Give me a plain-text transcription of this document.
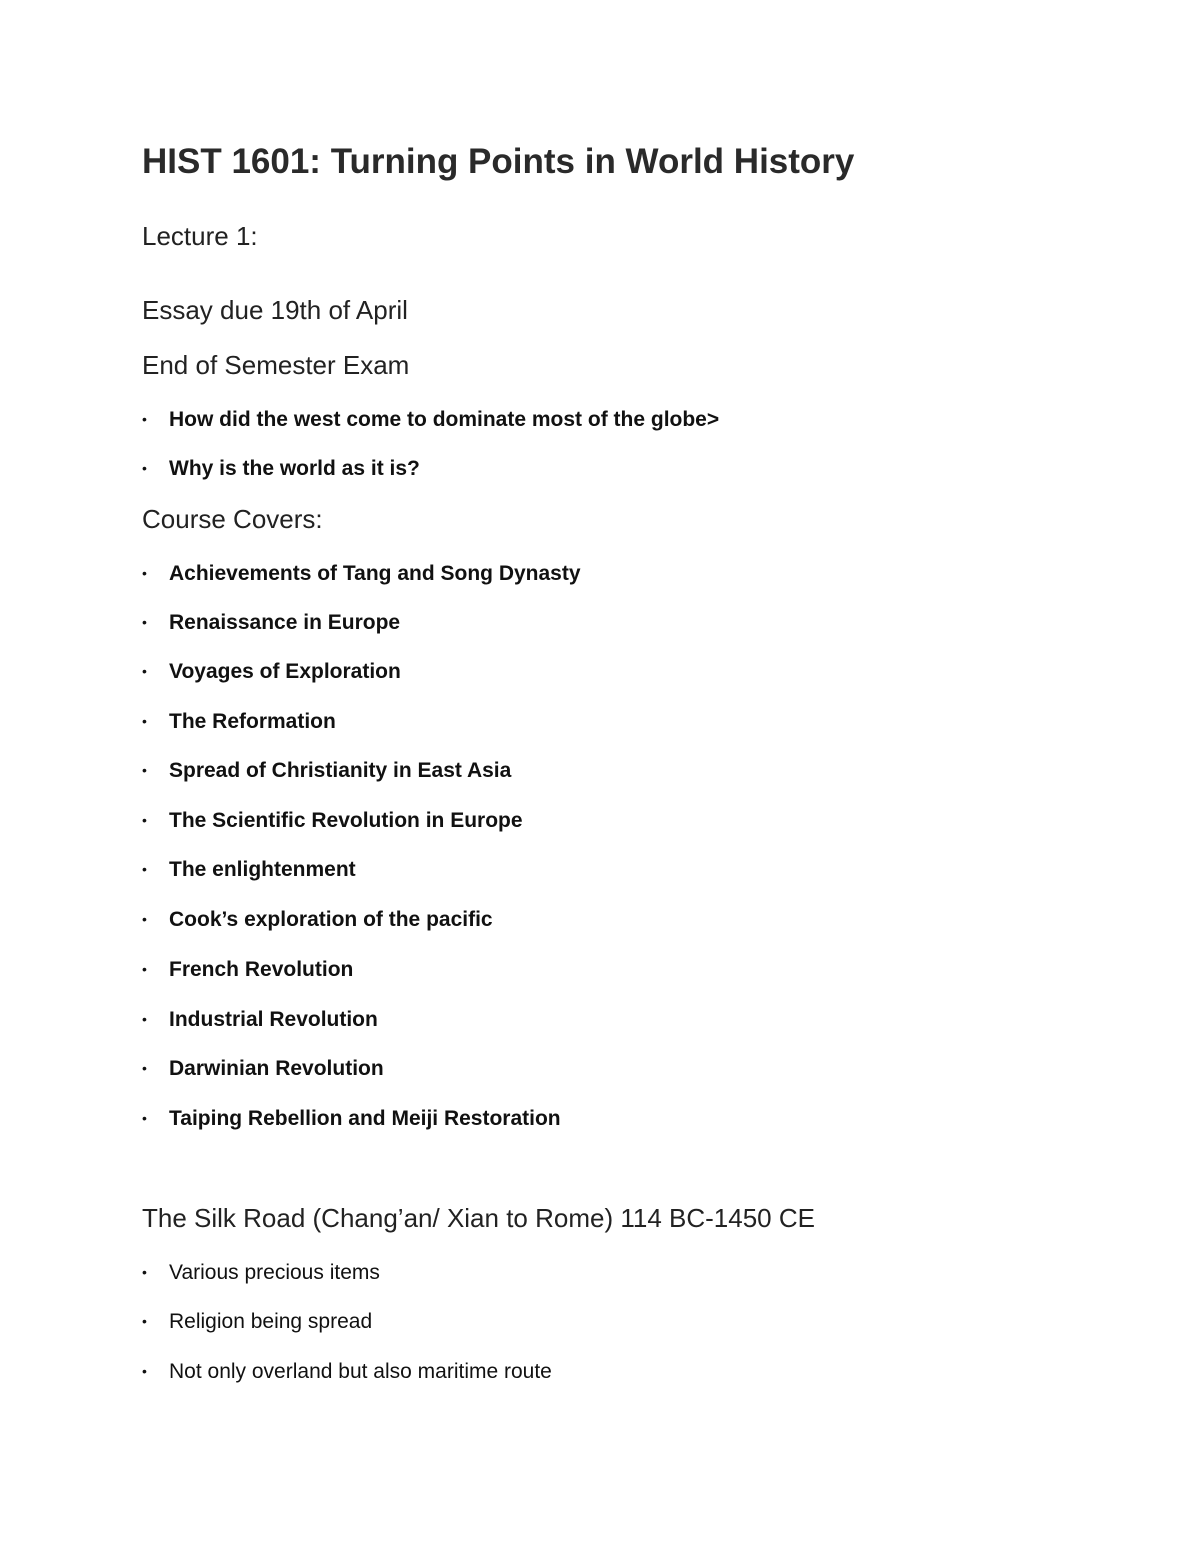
HIST 1601: Turning Points in World History

Lecture 1:

Essay due 19th of April

End of Semester Exam

• How did the west come to dominate most of the globe>
• Why is the world as it is?

Course Covers:

• Achievements of Tang and Song Dynasty
• Renaissance in Europe
• Voyages of Exploration
• The Reformation
• Spread of Christianity in East Asia
• The Scientific Revolution in Europe
• The enlightenment
• Cook’s exploration of the pacific
• French Revolution
• Industrial Revolution
• Darwinian Revolution
• Taiping Rebellion and Meiji Restoration

The Silk Road (Chang’an/ Xian to Rome) 114 BC-1450 CE

• Various precious items
• Religion being spread
• Not only overland but also maritime route
